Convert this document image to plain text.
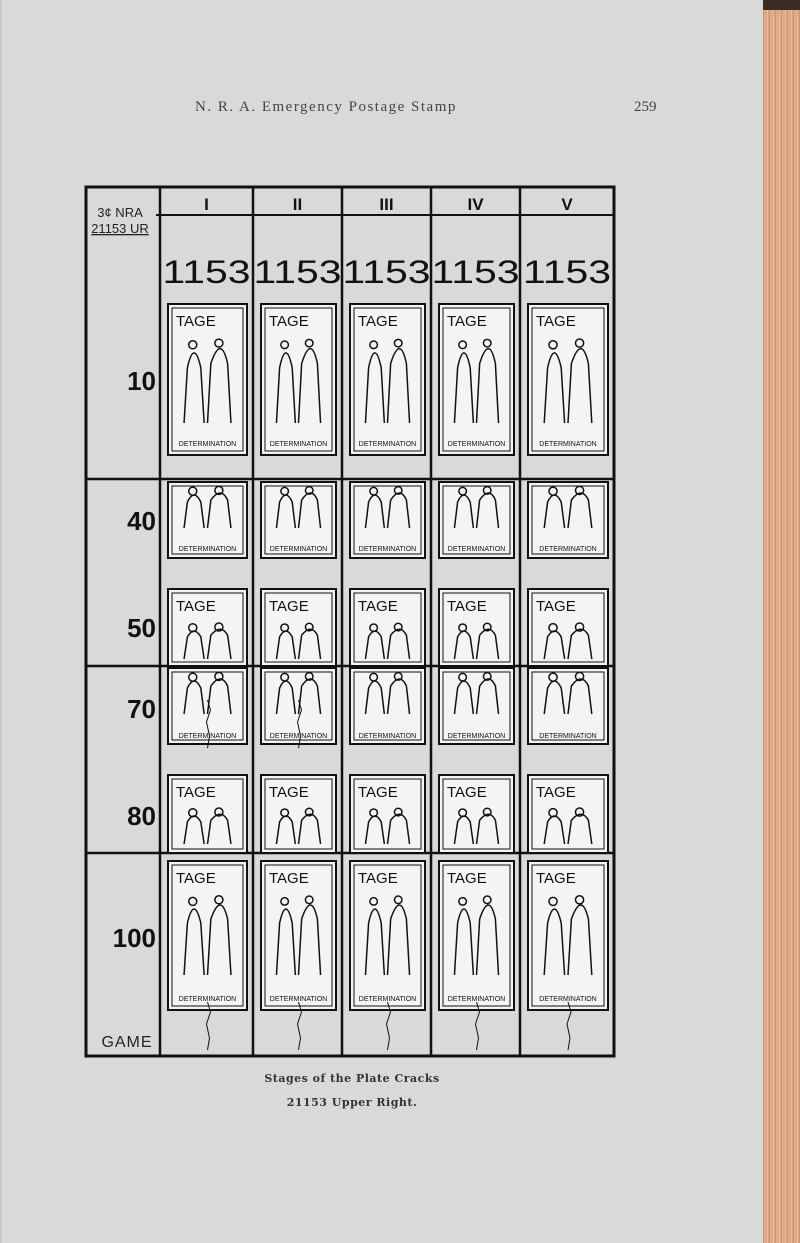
N. R. A. Emergency Postage Stamp	259
3¢ NRA
21153 UR
GAME
I
1153
II
1153
III
1153
IV
1153
V
1153
10
40
50
70
80
100
TAGE
DETERMINATION
DETERMINATION
TAGE
DETERMINATION
TAGE
TAGE
DETERMINATION
TAGE
DETERMINATION
DETERMINATION
TAGE
DETERMINATION
TAGE
TAGE
DETERMINATION
TAGE
DETERMINATION
DETERMINATION
TAGE
DETERMINATION
TAGE
TAGE
DETERMINATION
TAGE
DETERMINATION
DETERMINATION
TAGE
DETERMINATION
TAGE
TAGE
DETERMINATION
TAGE
DETERMINATION
DETERMINATION
TAGE
DETERMINATION
TAGE
TAGE
DETERMINATION
Stages of the Plate Cracks
21153 Upper Right.
